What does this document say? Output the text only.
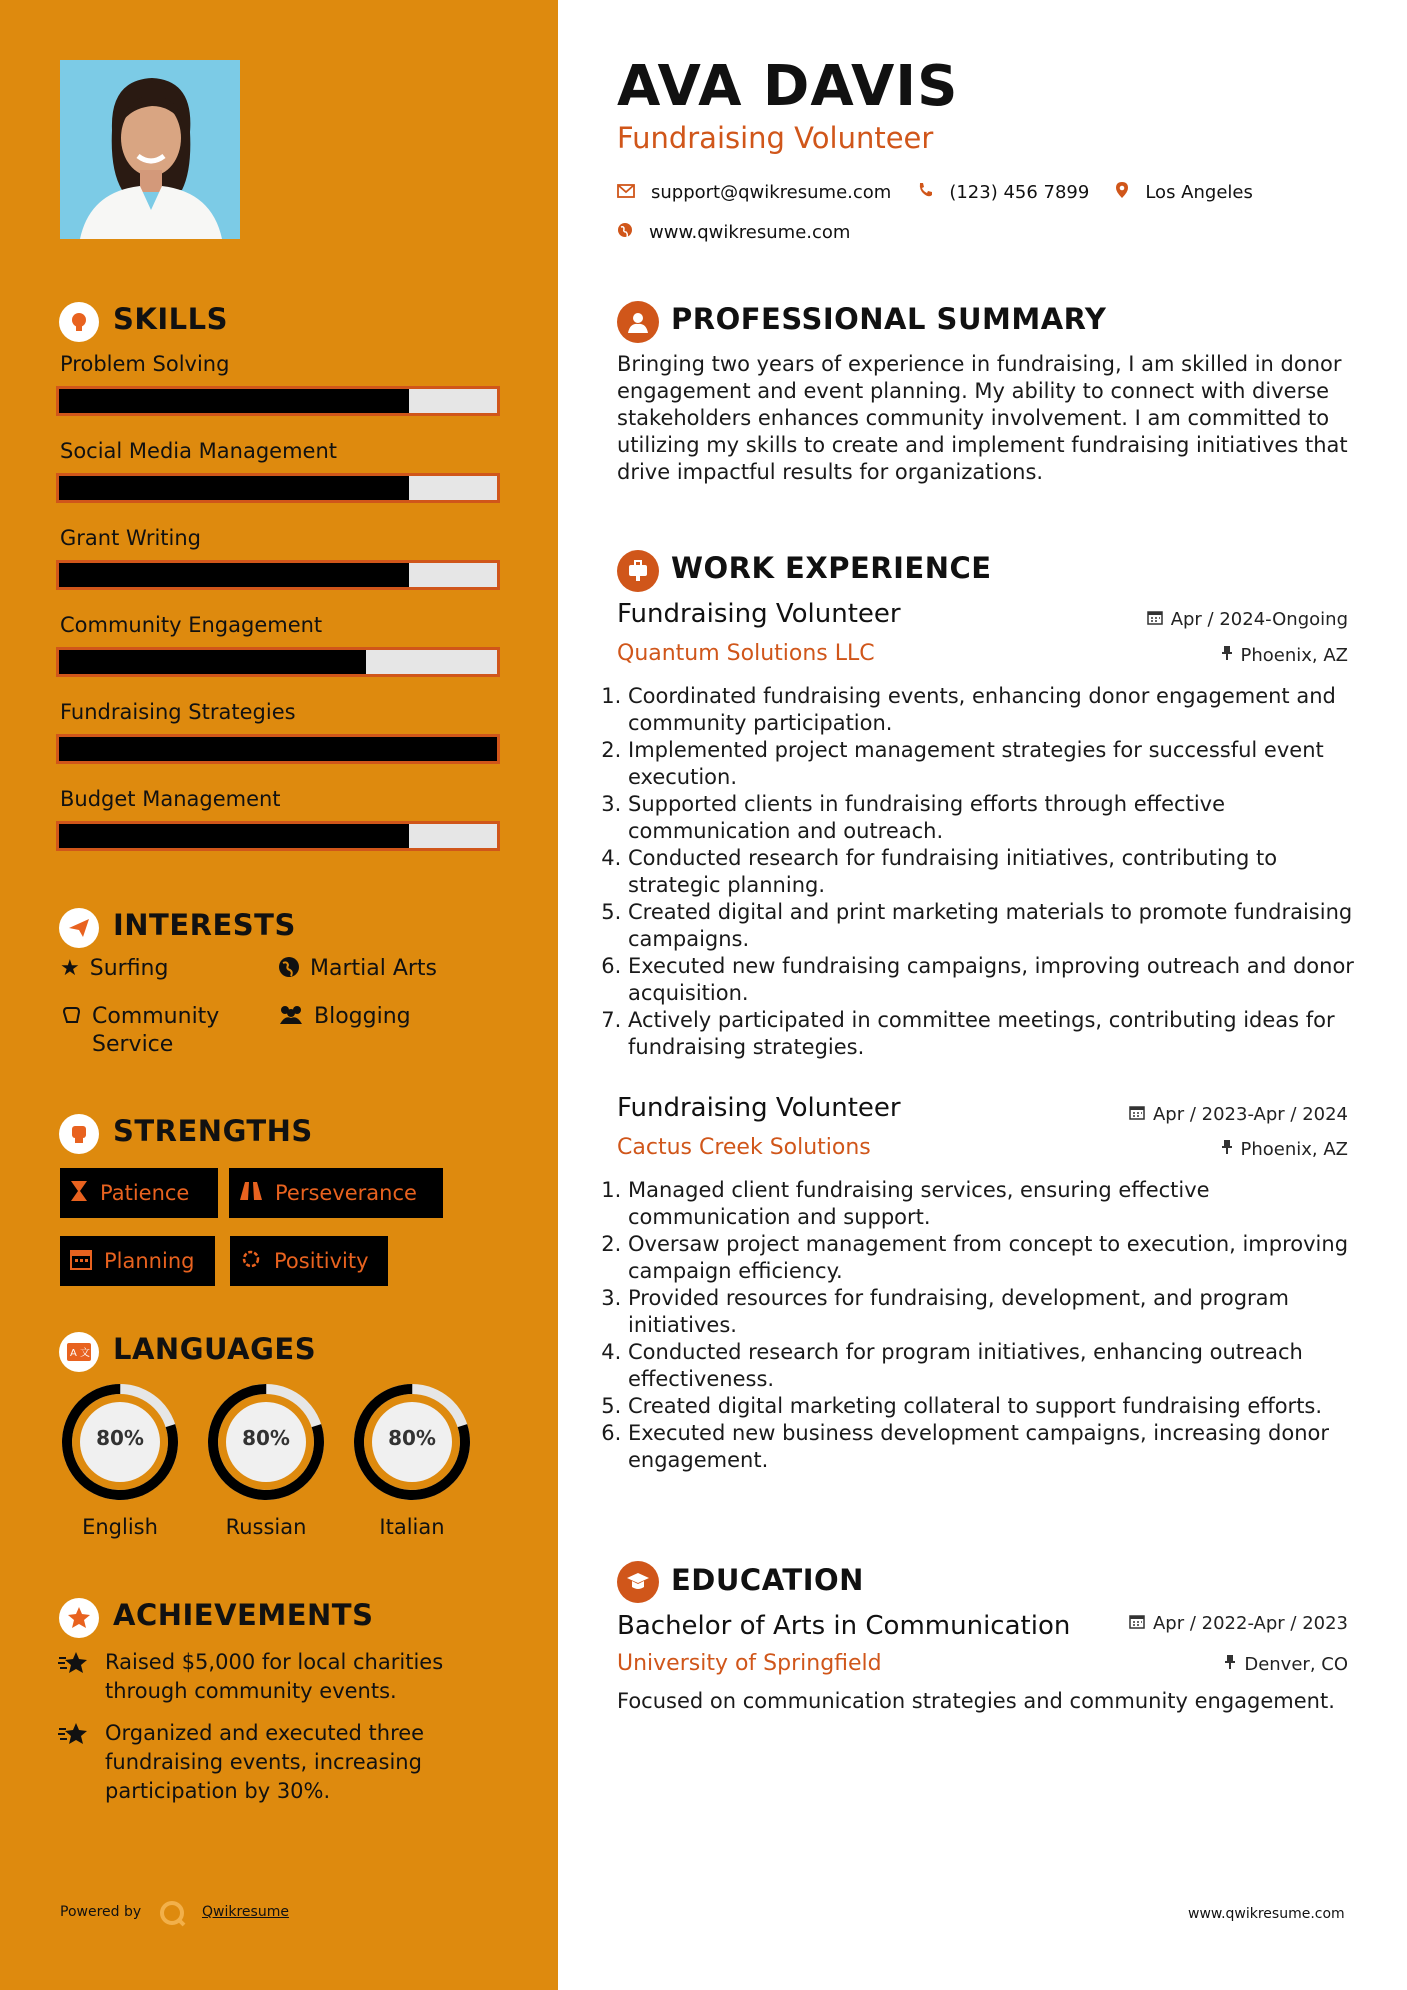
SKILLS
INTERESTS
★ Surfing	Martial Arts
Community Service
Blogging
STRENGTHS
Patience	Perseverance
Planning	Positivity
A 文 LANGUAGES
ACHIEVEMENTS
Raised $5,000 for local charities through community events.
Organized and executed three fundraising events, increasing participation by 30%.
Powered by	Qwikresume
Problem Solving
Social Media Management
Grant Writing
Community Engagement
Fundraising Strategies
Budget Management
80%
English
80%
Russian
80%
Italian
AVA DAVIS
Fundraising Volunteer
support@qwikresume.com	(123) 456 7899	Los Angeles
www.qwikresume.com
PROFESSIONAL SUMMARY
Bringing two years of experience in fundraising, I am skilled in donor engagement and event planning. My ability to connect with diverse stakeholders enhances community involvement. I am committed to utilizing my skills to create and implement fundraising initiatives that drive impactful results for organizations.
WORK EXPERIENCE
Fundraising Volunteer	Apr / 2024-Ongoing
Quantum Solutions LLC	Phoenix, AZ
1. Coordinated fundraising events, enhancing donor engagement and community participation.
2. Implemented project management strategies for successful event execution.
3. Supported clients in fundraising efforts through effective communication and outreach.
4. Conducted research for fundraising initiatives, contributing to strategic planning.
5. Created digital and print marketing materials to promote fundraising campaigns.
6. Executed new fundraising campaigns, improving outreach and donor acquisition.
7. Actively participated in committee meetings, contributing ideas for fundraising strategies.
Fundraising Volunteer	Apr / 2023-Apr / 2024
Cactus Creek Solutions	Phoenix, AZ
1. Managed client fundraising services, ensuring effective communication and support.
2. Oversaw project management from concept to execution, improving campaign efficiency.
3. Provided resources for fundraising, development, and program initiatives.
4. Conducted research for program initiatives, enhancing outreach effectiveness.
5. Created digital marketing collateral to support fundraising efforts.
6. Executed new business development campaigns, increasing donor engagement.
EDUCATION
Bachelor of Arts in Communication	Apr / 2022-Apr / 2023
University of Springfield	Denver, CO
Focused on communication strategies and community engagement.
www.qwikresume.com
